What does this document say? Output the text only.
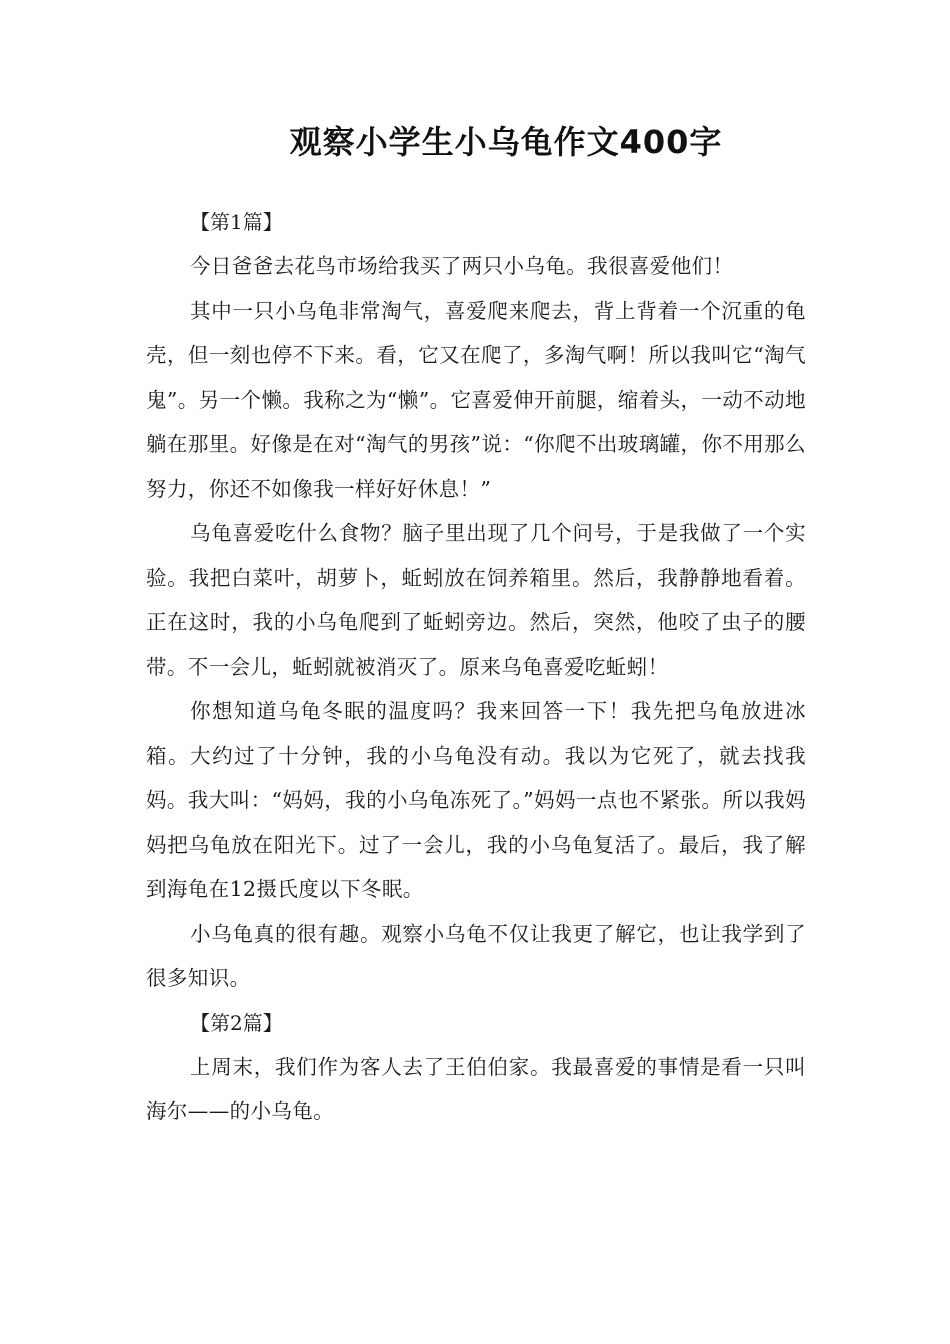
观察小学生小乌龟作文400字

【第1篇】

今日爸爸去花鸟市场给我买了两只小乌龟。我很喜爱他们！

其中一只小乌龟非常淘气，喜爱爬来爬去，背上背着一个沉重的龟壳，但一刻也停不下来。看，它又在爬了，多淘气啊！所以我叫它“淘气鬼”。另一个懒。我称之为“懒”。它喜爱伸开前腿，缩着头，一动不动地躺在那里。好像是在对“淘气的男孩”说：“你爬不出玻璃罐，你不用那么努力，你还不如像我一样好好休息！”

乌龟喜爱吃什么食物？脑子里出现了几个问号，于是我做了一个实验。我把白菜叶，胡萝卜，蚯蚓放在饲养箱里。然后，我静静地看着。正在这时，我的小乌龟爬到了蚯蚓旁边。然后，突然，他咬了虫子的腰带。不一会儿，蚯蚓就被消灭了。原来乌龟喜爱吃蚯蚓！

你想知道乌龟冬眠的温度吗？我来回答一下！我先把乌龟放进冰箱。大约过了十分钟，我的小乌龟没有动。我以为它死了，就去找我妈。我大叫：“妈妈，我的小乌龟冻死了。”妈妈一点也不紧张。所以我妈妈把乌龟放在阳光下。过了一会儿，我的小乌龟复活了。最后，我了解到海龟在12摄氏度以下冬眠。

小乌龟真的很有趣。观察小乌龟不仅让我更了解它，也让我学到了很多知识。

【第2篇】

上周末，我们作为客人去了王伯伯家。我最喜爱的事情是看一只叫海尔——的小乌龟。
